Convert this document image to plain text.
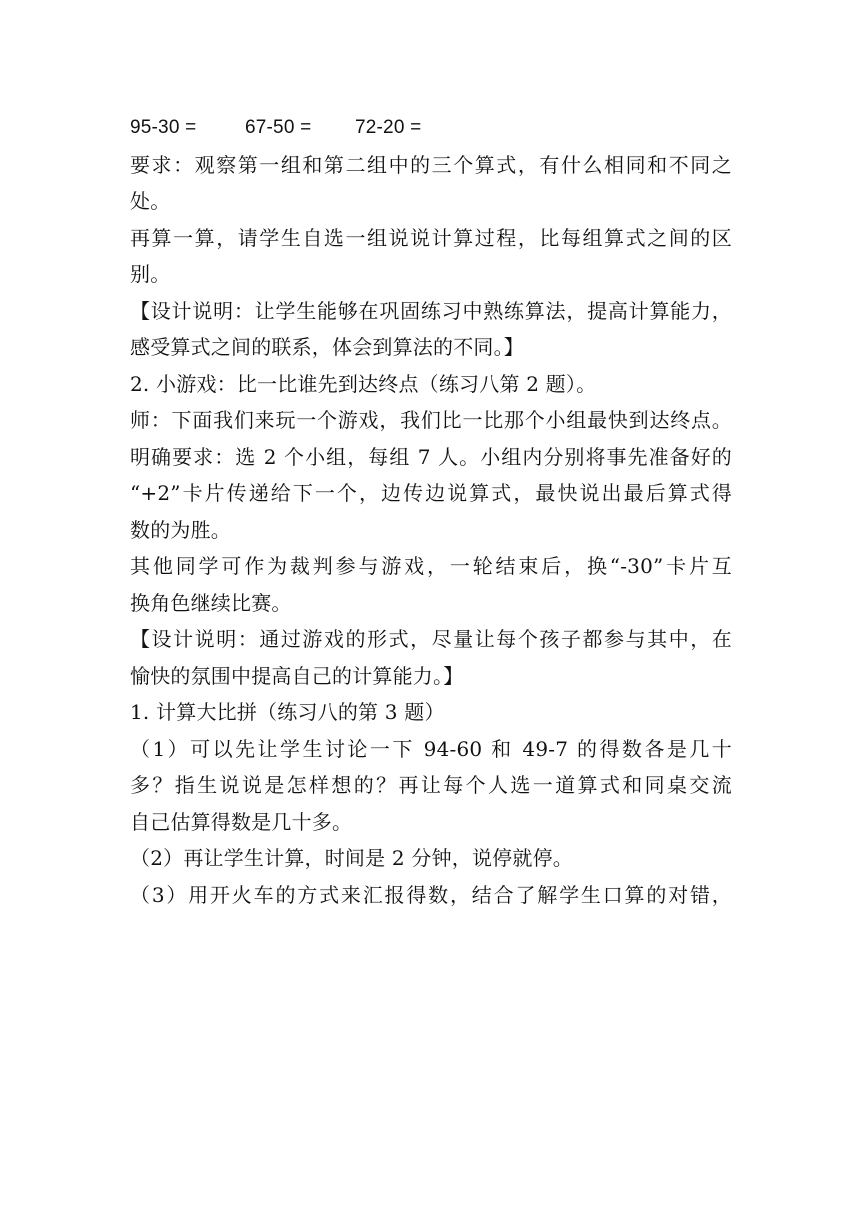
95-30 =	67-50 = 72-20 =
要求：观察第一组和第二组中的三个算式，有什么相同和不同之
处。
再算一算，请学生自选一组说说计算过程，比每组算式之间的区
别。
【设计说明：让学生能够在巩固练习中熟练算法，提高计算能力，
感受算式之间的联系，体会到算法的不同。】
2. 小游戏：比一比谁先到达终点（练习八第 2 题）。
师：下面我们来玩一个游戏，我们比一比那个小组最快到达终点。
明确要求：选 2 个小组，每组 7 人。小组内分别将事先准备好的
“+2”卡片传递给下一个，边传边说算式，最快说出最后算式得
数的为胜。
其他同学可作为裁判参与游戏，一轮结束后，换“-30”卡片互
换角色继续比赛。
【设计说明：通过游戏的形式，尽量让每个孩子都参与其中，在
愉快的氛围中提高自己的计算能力。】
1. 计算大比拼（练习八的第 3 题）
（1）可以先让学生讨论一下 94-60 和 49-7 的得数各是几十
多？指生说说是怎样想的？再让每个人选一道算式和同桌交流
自己估算得数是几十多。
（2）再让学生计算，时间是 2 分钟，说停就停。
（3）用开火车的方式来汇报得数，结合了解学生口算的对错，
